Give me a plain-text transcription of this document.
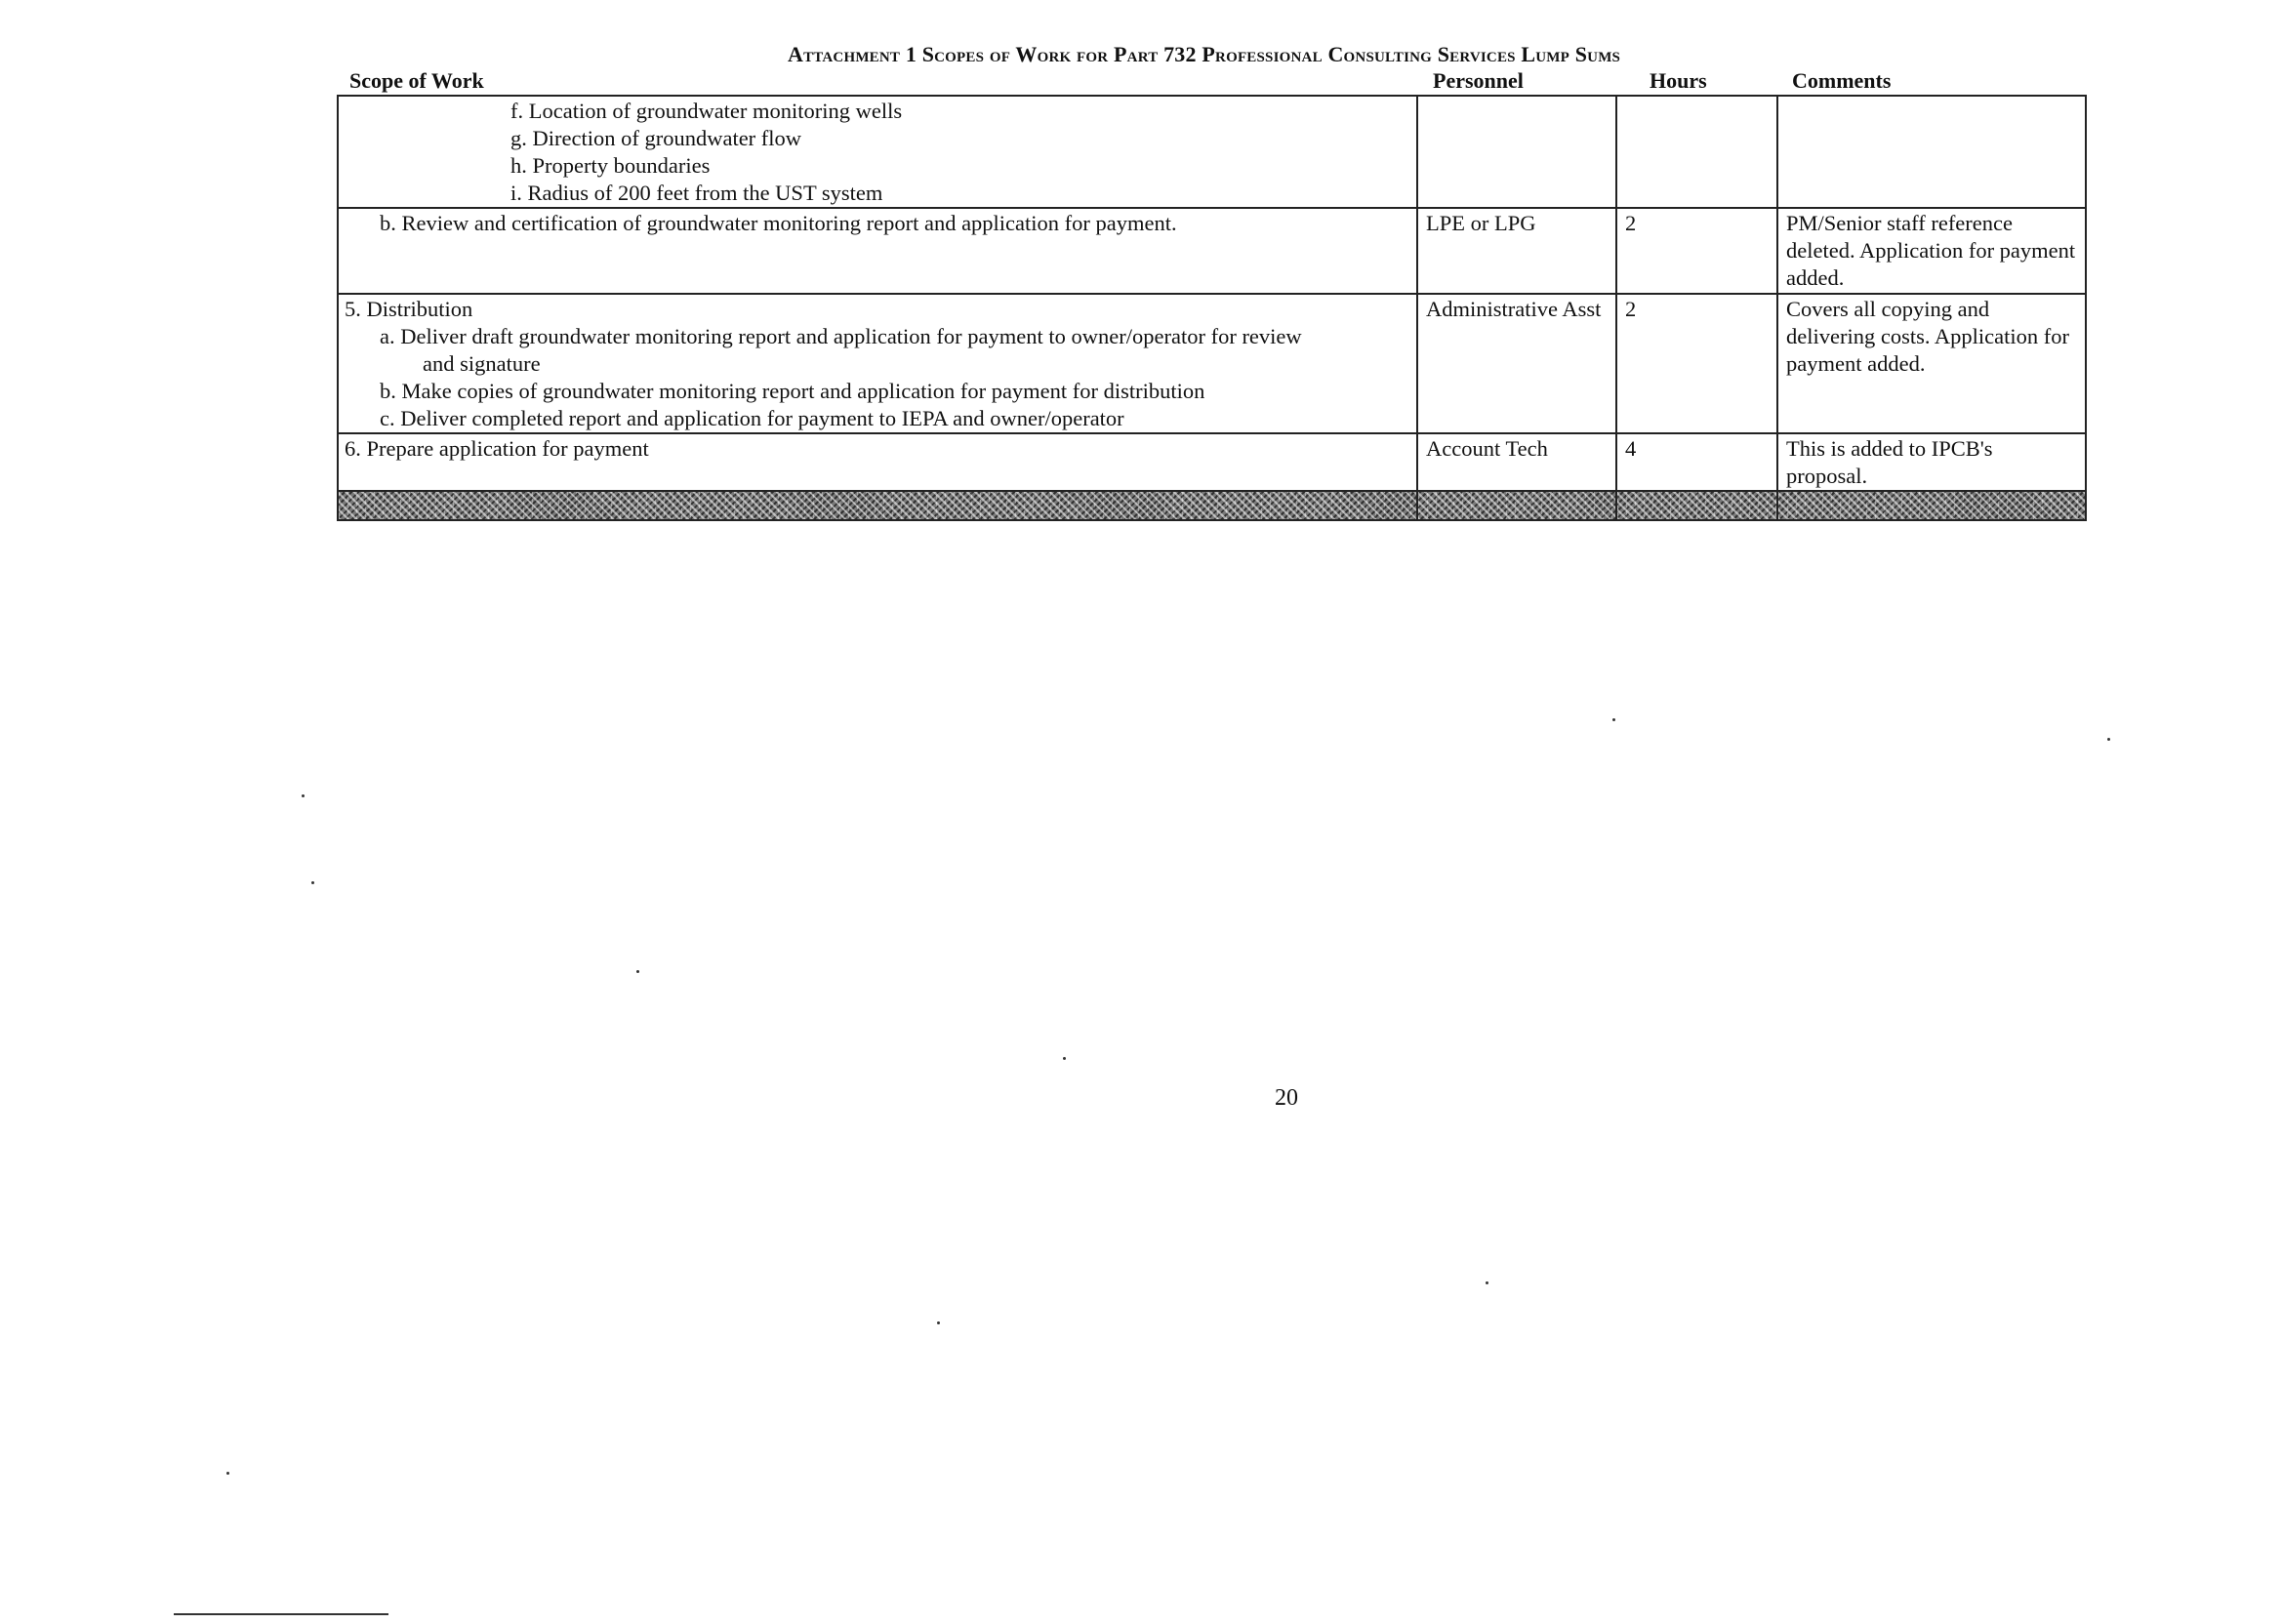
Attachment 1 Scopes of Work for Part 732 Professional Consulting Services Lump Sums
Scope of Work	Personnel	Hours	Comments
f. Location of groundwater monitoring wells
g. Direction of groundwater flow
h. Property boundaries
i. Radius of 200 feet from the UST system			

b. Review and certification of groundwater monitoring report and application for payment.	LPE or LPG	2	PM/Senior staff reference deleted. Application for payment added.

5. Distribution
a. Deliver draft groundwater monitoring report and application for payment to owner/operator for review
and signature
b. Make copies of groundwater monitoring report and application for payment for distribution
c. Deliver completed report and application for payment to IEPA and owner/operator	Administrative Asst	2	Covers all copying and delivering costs. Application for payment added.

6. Prepare application for payment	Account Tech	4	This is added to IPCB's proposal.

20
